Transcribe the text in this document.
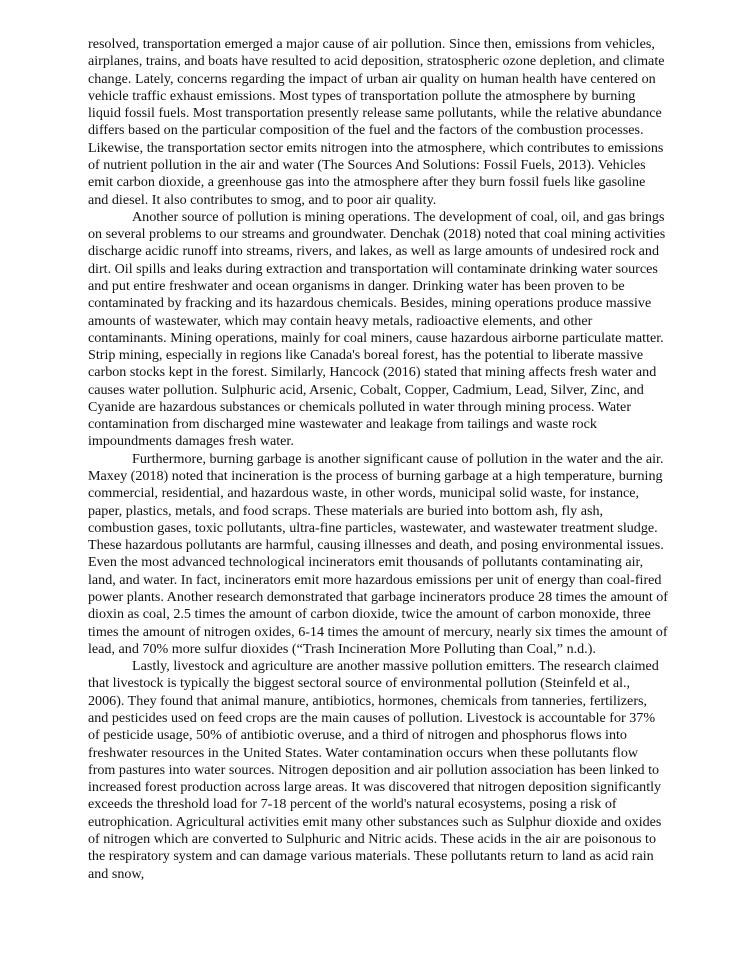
resolved, transportation emerged a major cause of air pollution. Since then, emissions from vehicles, airplanes, trains, and boats have resulted to acid deposition, stratospheric ozone depletion, and climate change. Lately, concerns regarding the impact of urban air quality on human health have centered on vehicle traffic exhaust emissions. Most types of transportation pollute the atmosphere by burning liquid fossil fuels. Most transportation presently release same pollutants, while the relative abundance differs based on the particular composition of the fuel and the factors of the combustion processes. Likewise, the transportation sector emits nitrogen into the atmosphere, which contributes to emissions of nutrient pollution in the air and water (The Sources And Solutions: Fossil Fuels, 2013). Vehicles emit carbon dioxide, a greenhouse gas into the atmosphere after they burn fossil fuels like gasoline and diesel. It also contributes to smog, and to poor air quality.

Another source of pollution is mining operations. The development of coal, oil, and gas brings on several problems to our streams and groundwater. Denchak (2018) noted that coal mining activities discharge acidic runoff into streams, rivers, and lakes, as well as large amounts of undesired rock and dirt. Oil spills and leaks during extraction and transportation will contaminate drinking water sources and put entire freshwater and ocean organisms in danger. Drinking water has been proven to be contaminated by fracking and its hazardous chemicals. Besides, mining operations produce massive amounts of wastewater, which may contain heavy metals, radioactive elements, and other contaminants. Mining operations, mainly for coal miners, cause hazardous airborne particulate matter. Strip mining, especially in regions like Canada's boreal forest, has the potential to liberate massive carbon stocks kept in the forest. Similarly, Hancock (2016) stated that mining affects fresh water and causes water pollution. Sulphuric acid, Arsenic, Cobalt, Copper, Cadmium, Lead, Silver, Zinc, and Cyanide are hazardous substances or chemicals polluted in water through mining process. Water contamination from discharged mine wastewater and leakage from tailings and waste rock impoundments damages fresh water.

Furthermore, burning garbage is another significant cause of pollution in the water and the air. Maxey (2018) noted that incineration is the process of burning garbage at a high temperature, burning commercial, residential, and hazardous waste, in other words, municipal solid waste, for instance, paper, plastics, metals, and food scraps. These materials are buried into bottom ash, fly ash, combustion gases, toxic pollutants, ultra-fine particles, wastewater, and wastewater treatment sludge. These hazardous pollutants are harmful, causing illnesses and death, and posing environmental issues. Even the most advanced technological incinerators emit thousands of pollutants contaminating air, land, and water. In fact, incinerators emit more hazardous emissions per unit of energy than coal-fired power plants. Another research demonstrated that garbage incinerators produce 28 times the amount of dioxin as coal, 2.5 times the amount of carbon dioxide, twice the amount of carbon monoxide, three times the amount of nitrogen oxides, 6-14 times the amount of mercury, nearly six times the amount of lead, and 70% more sulfur dioxides (“Trash Incineration More Polluting than Coal,” n.d.).

Lastly, livestock and agriculture are another massive pollution emitters. The research claimed that livestock is typically the biggest sectoral source of environmental pollution (Steinfeld et al., 2006). They found that animal manure, antibiotics, hormones, chemicals from tanneries, fertilizers, and pesticides used on feed crops are the main causes of pollution. Livestock is accountable for 37% of pesticide usage, 50% of antibiotic overuse, and a third of nitrogen and phosphorus flows into freshwater resources in the United States. Water contamination occurs when these pollutants flow from pastures into water sources. Nitrogen deposition and air pollution association has been linked to increased forest production across large areas. It was discovered that nitrogen deposition significantly exceeds the threshold load for 7-18 percent of the world's natural ecosystems, posing a risk of eutrophication. Agricultural activities emit many other substances such as Sulphur dioxide and oxides of nitrogen which are converted to Sulphuric and Nitric acids. These acids in the air are poisonous to the respiratory system and can damage various materials. These pollutants return to land as acid rain and snow,
